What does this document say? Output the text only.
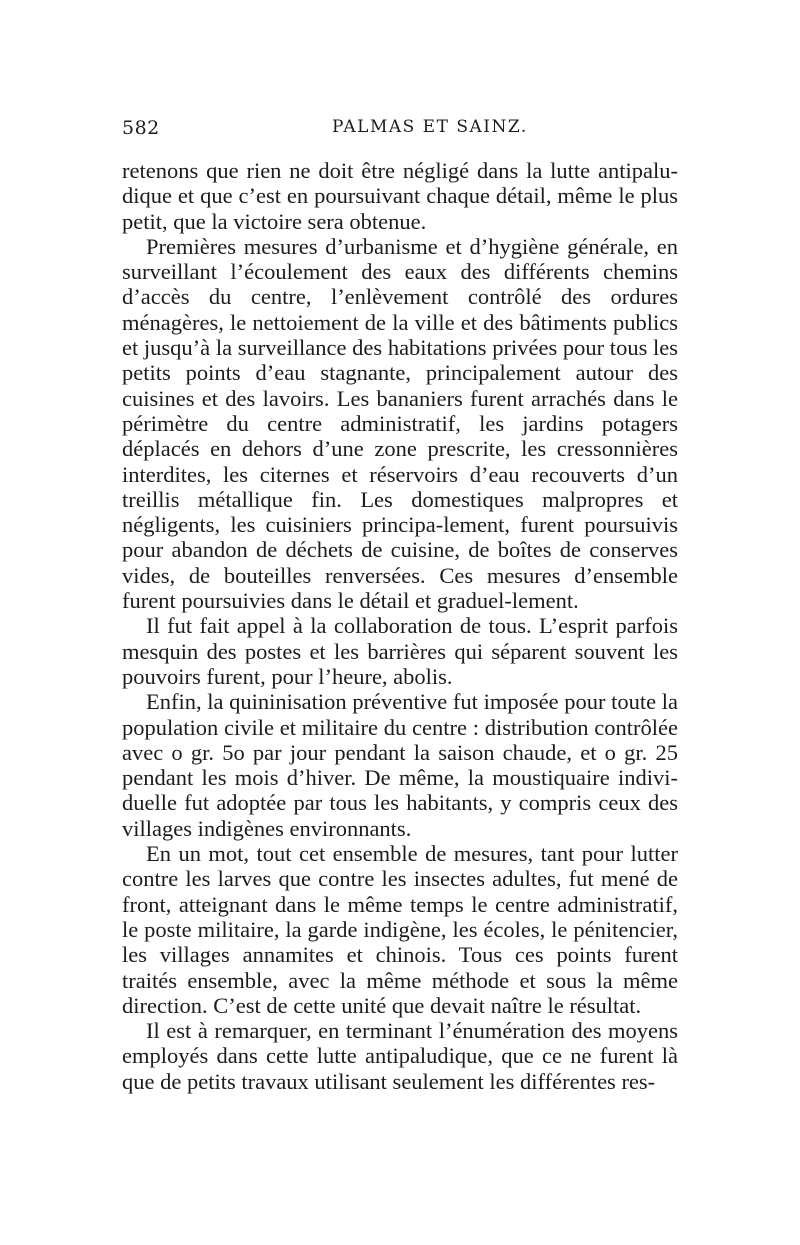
582	PALMAS ET SAINZ.

retenons que rien ne doit être négligé dans la lutte antipalu-dique et que c’est en poursuivant chaque détail, même le plus petit, que la victoire sera obtenue.

Premières mesures d’urbanisme et d’hygiène générale, en surveillant l’écoulement des eaux des différents chemins d’accès du centre, l’enlèvement contrôlé des ordures ménagères, le nettoiement de la ville et des bâtiments publics et jusqu’à la surveillance des habitations privées pour tous les petits points d’eau stagnante, principalement autour des cuisines et des lavoirs. Les bananiers furent arrachés dans le périmètre du centre administratif, les jardins potagers déplacés en dehors d’une zone prescrite, les cressonnières interdites, les citernes et réservoirs d’eau recouverts d’un treillis métallique fin. Les domestiques malpropres et négligents, les cuisiniers principa-lement, furent poursuivis pour abandon de déchets de cuisine, de boîtes de conserves vides, de bouteilles renversées. Ces mesures d’ensemble furent poursuivies dans le détail et graduel-lement.

Il fut fait appel à la collaboration de tous. L’esprit parfois mesquin des postes et les barrières qui séparent souvent les pouvoirs furent, pour l’heure, abolis.

Enfin, la quininisation préventive fut imposée pour toute la population civile et militaire du centre : distribution contrôlée avec o gr. 5o par jour pendant la saison chaude, et o gr. 25 pendant les mois d’hiver. De même, la moustiquaire indivi-duelle fut adoptée par tous les habitants, y compris ceux des villages indigènes environnants.

En un mot, tout cet ensemble de mesures, tant pour lutter contre les larves que contre les insectes adultes, fut mené de front, atteignant dans le même temps le centre administratif, le poste militaire, la garde indigène, les écoles, le pénitencier, les villages annamites et chinois. Tous ces points furent traités ensemble, avec la même méthode et sous la même direction. C’est de cette unité que devait naître le résultat.

Il est à remarquer, en terminant l’énumération des moyens employés dans cette lutte antipaludique, que ce ne furent là que de petits travaux utilisant seulement les différentes res-
